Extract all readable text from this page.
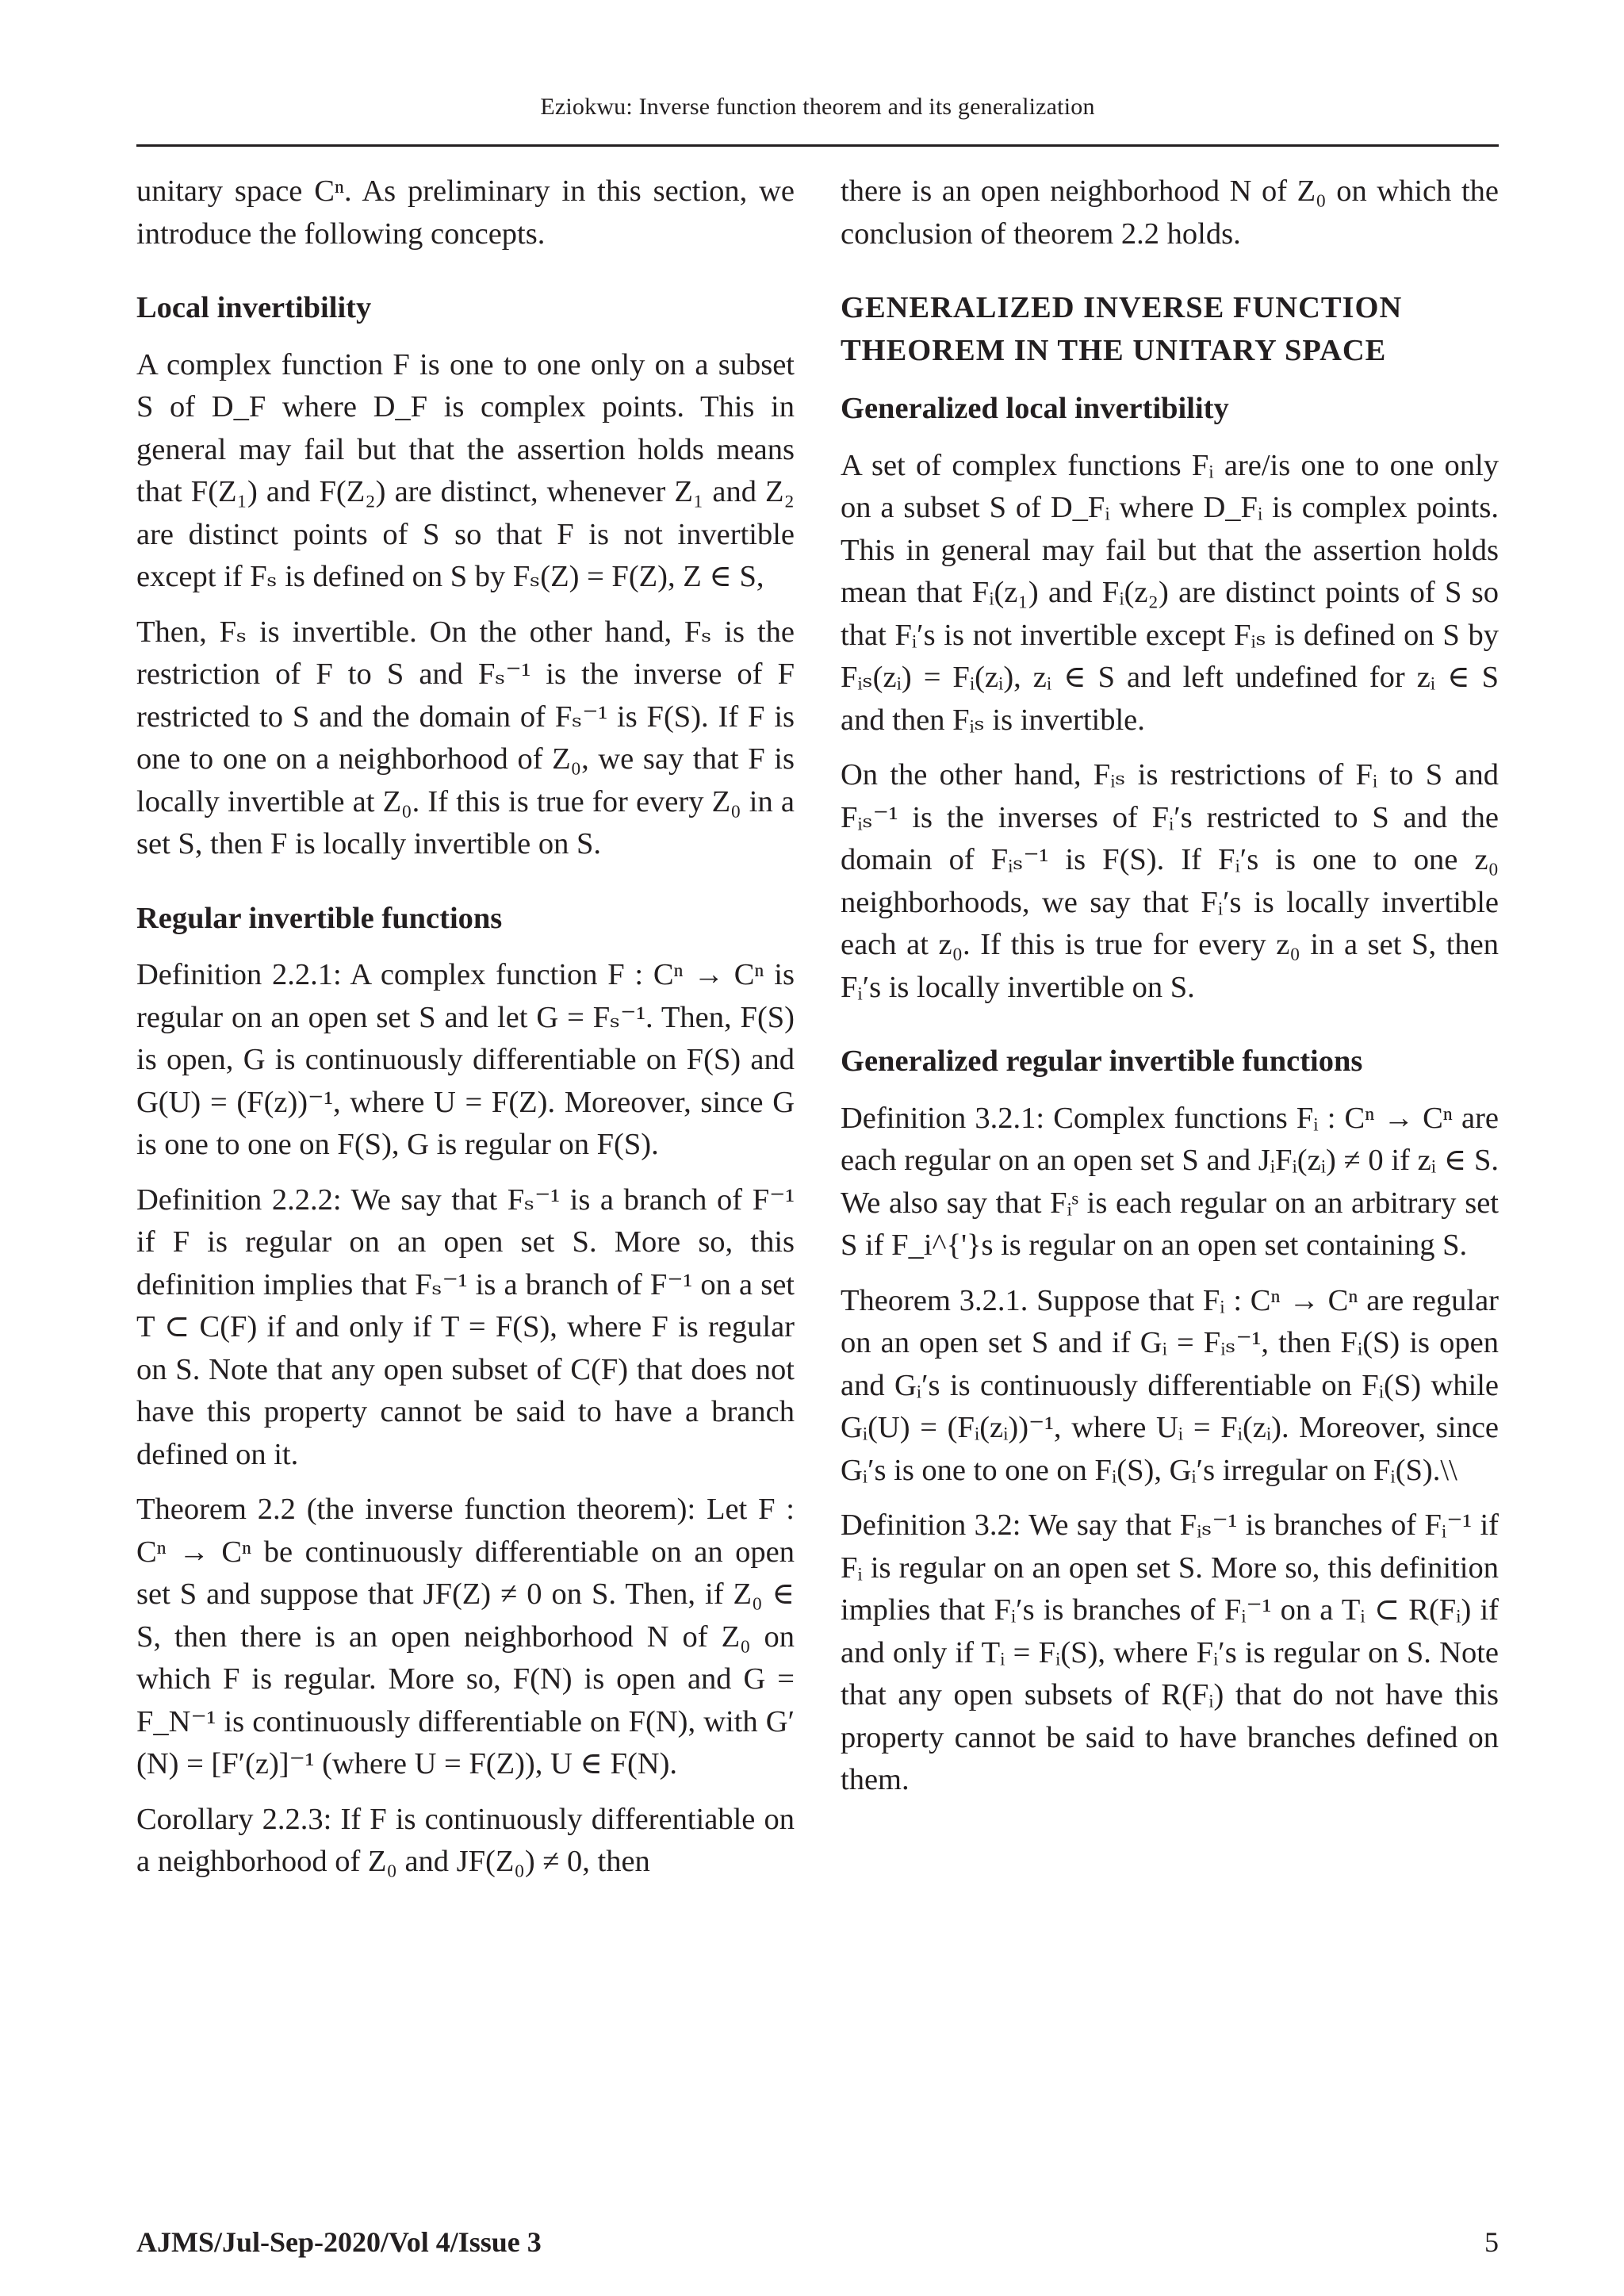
Eziokwu: Inverse function theorem and its generalization

unitary space Cⁿ. As preliminary in this section, we introduce the following concepts.

Local invertibility

A complex function F is one to one only on a subset S of D_F where D_F is complex points. This in general may fail but that the assertion holds means that F(Z₁) and F(Z₂) are distinct, whenever Z₁ and Z₂ are distinct points of S so that F is not invertible except if Fₛ is defined on S by Fₛ(Z) = F(Z), Z ∈ S,

Then, Fₛ is invertible. On the other hand, Fₛ is the restriction of F to S and Fₛ⁻¹ is the inverse of F restricted to S and the domain of Fₛ⁻¹ is F(S). If F is one to one on a neighborhood of Z₀, we say that F is locally invertible at Z₀. If this is true for every Z₀ in a set S, then F is locally invertible on S.

Regular invertible functions

Definition 2.2.1: A complex function F : Cⁿ → Cⁿ is regular on an open set S and let G = Fₛ⁻¹. Then, F(S) is open, G is continuously differentiable on F(S) and G(U) = (F(z))⁻¹, where U = F(Z). Moreover, since G is one to one on F(S), G is regular on F(S).

Definition 2.2.2: We say that Fₛ⁻¹ is a branch of F⁻¹ if F is regular on an open set S. More so, this definition implies that Fₛ⁻¹ is a branch of F⁻¹ on a set T ⊂ C(F) if and only if T = F(S), where F is regular on S. Note that any open subset of C(F) that does not have this property cannot be said to have a branch defined on it.

Theorem 2.2 (the inverse function theorem): Let F : Cⁿ → Cⁿ be continuously differentiable on an open set S and suppose that JF(Z) ≠ 0 on S. Then, if Z₀ ∈ S, then there is an open neighborhood N of Z₀ on which F is regular. More so, F(N) is open and G = F_N⁻¹ is continuously differentiable on F(N), with G′(N) = [F′(z)]⁻¹ (where U = F(Z)), U ∈ F(N).

Corollary 2.2.3: If F is continuously differentiable on a neighborhood of Z₀ and JF(Z₀) ≠ 0, then

there is an open neighborhood N of Z₀ on which the conclusion of theorem 2.2 holds.

GENERALIZED INVERSE FUNCTION THEOREM IN THE UNITARY SPACE
Generalized local invertibility

A set of complex functions Fᵢ are/is one to one only on a subset S of D_Fᵢ where D_Fᵢ is complex points. This in general may fail but that the assertion holds mean that Fᵢ(z₁) and Fᵢ(z₂) are distinct points of S so that Fᵢ′s is not invertible except Fᵢₛ is defined on S by Fᵢₛ(zᵢ) = Fᵢ(zᵢ), zᵢ ∈ S and left undefined for zᵢ ∈ S and then Fᵢₛ is invertible.

On the other hand, Fᵢₛ is restrictions of Fᵢ to S and Fᵢₛ⁻¹ is the inverses of Fᵢ′s restricted to S and the domain of Fᵢₛ⁻¹ is F(S). If Fᵢ′s is one to one z₀ neighborhoods, we say that Fᵢ′s is locally invertible each at z₀. If this is true for every z₀ in a set S, then Fᵢ′s is locally invertible on S.

Generalized regular invertible functions

Definition 3.2.1: Complex functions Fᵢ : Cⁿ → Cⁿ are each regular on an open set S and JᵢFᵢ(zᵢ) ≠ 0 if zᵢ ∈ S. We also say that Fᵢˢ is each regular on an arbitrary set S if F_i^{'}s is regular on an open set containing S.

Theorem 3.2.1. Suppose that Fᵢ : Cⁿ → Cⁿ are regular on an open set S and if Gᵢ = Fᵢₛ⁻¹, then Fᵢ(S) is open and Gᵢ′s is continuously differentiable on Fᵢ(S) while Gᵢ(U) = (Fᵢ(zᵢ))⁻¹, where Uᵢ = Fᵢ(zᵢ). Moreover, since Gᵢ′s is one to one on Fᵢ(S), Gᵢ′s irregular on Fᵢ(S).\\

Definition 3.2: We say that Fᵢₛ⁻¹ is branches of Fᵢ⁻¹ if Fᵢ is regular on an open set S. More so, this definition implies that Fᵢ′s is branches of Fᵢ⁻¹ on a Tᵢ ⊂ R(Fᵢ) if and only if Tᵢ = Fᵢ(S), where Fᵢ′s is regular on S. Note that any open subsets of R(Fᵢ) that do not have this property cannot be said to have branches defined on them.

AJMS/Jul-Sep-2020/Vol 4/Issue 3	5
